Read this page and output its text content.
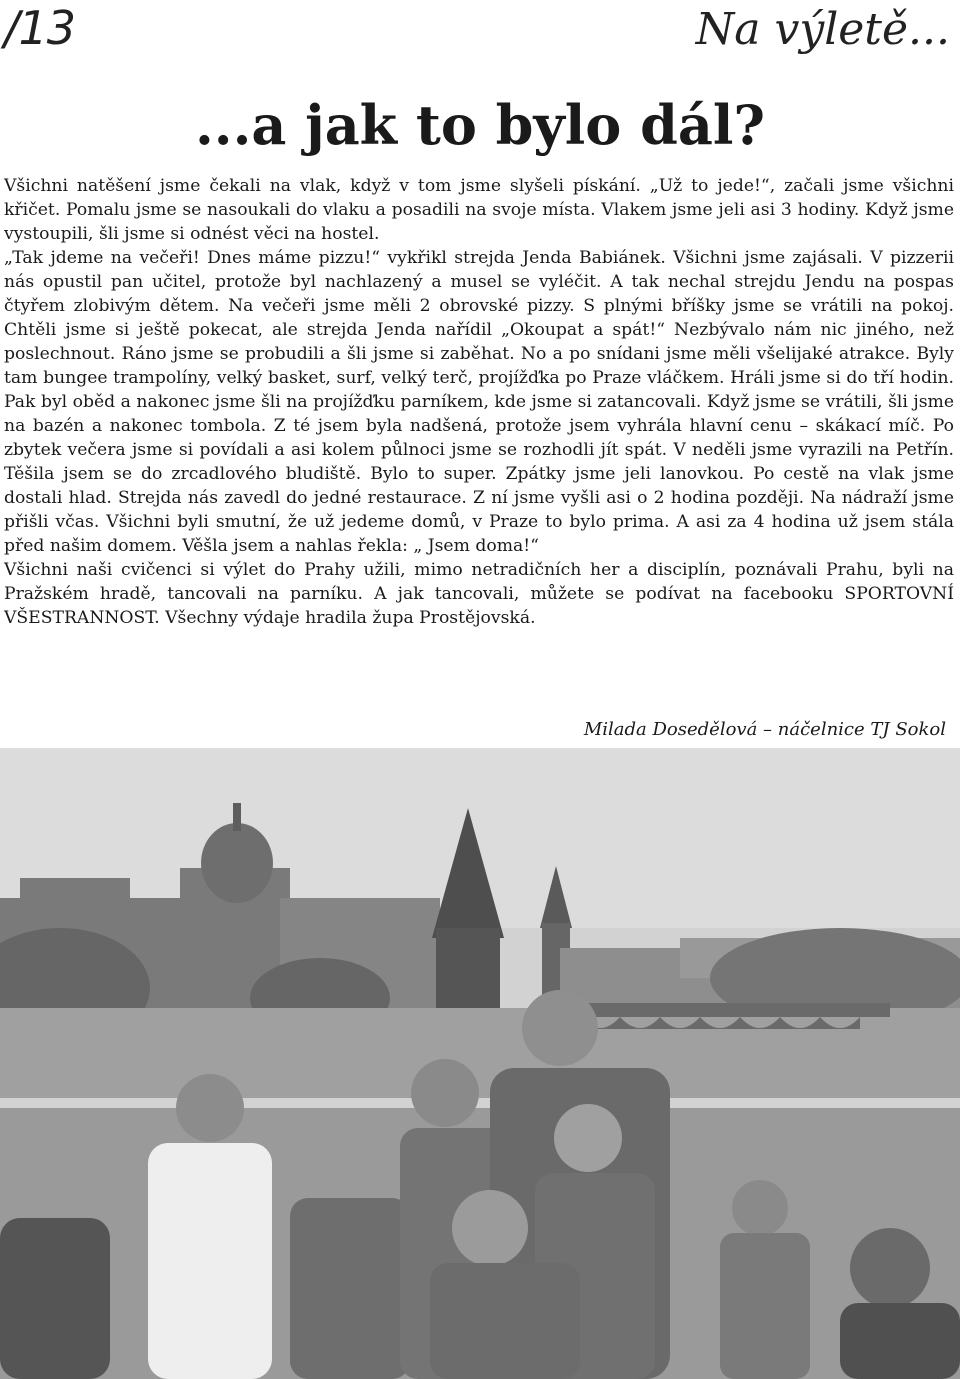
/13	Na výletě...
...a jak to bylo dál?

Všichni natěšení jsme čekali na vlak, když v tom jsme slyšeli pískání. „Už to jede!“, začali jsme všichni křičet. Pomalu jsme se nasoukali do vlaku a posadili na svoje místa. Vlakem jsme jeli asi 3 hodiny. Když jsme vystoupili, šli jsme si odnést věci na hostel.

„Tak jdeme na večeři! Dnes máme pizzu!“ vykřikl strejda Jenda Babiánek. Všichni jsme zajásali. V pizzerii nás opustil pan učitel, protože byl nachlazený a musel se vyléčit. A tak nechal strejdu Jendu na pospas čtyřem zlobivým dětem. Na večeři jsme měli 2 obrovské pizzy. S plnými bříšky jsme se vrátili na pokoj. Chtěli jsme si ještě pokecat, ale strejda Jenda nařídil „Okoupat a spát!“ Nezbývalo nám nic jiného, než poslechnout. Ráno jsme se probudili a šli jsme si zaběhat. No a po snídani jsme měli všelijaké atrakce. Byly tam bungee trampolíny, velký basket, surf, velký terč, projížďka po Praze vláčkem. Hráli jsme si do tří hodin. Pak byl oběd a nakonec jsme šli na projížďku parníkem, kde jsme si zatancovali. Když jsme se vrátili, šli jsme na bazén a nakonec tombola. Z té jsem byla nadšená, protože jsem vyhrála hlavní cenu – skákací míč. Po zbytek večera jsme si povídali a asi kolem půlnoci jsme se rozhodli jít spát. V neděli jsme vyrazili na Petřín. Těšila jsem se do zrcadlového bludiště. Bylo to super. Zpátky jsme jeli lanovkou. Po cestě na vlak jsme dostali hlad. Strejda nás zavedl do jedné restaurace. Z ní jsme vyšli asi o 2 hodina později. Na nádraží jsme přišli včas. Všichni byli smutní, že už jedeme domů, v Praze to bylo prima. A asi za 4 hodina už jsem stála před našim domem. Věšla jsem a nahlas řekla: „ Jsem doma!“

Všichni naši cvičenci si výlet do Prahy užili, mimo netradičních her a disciplín, poznávali Prahu, byli na Pražském hradě, tancovali na parníku. A jak tancovali, můžete se podívat na facebooku SPORTOVNÍ VŠESTRANNOST. Všechny výdaje hradila župa Prostějovská.

Milada Dosedělová – náčelnice TJ Sokol
